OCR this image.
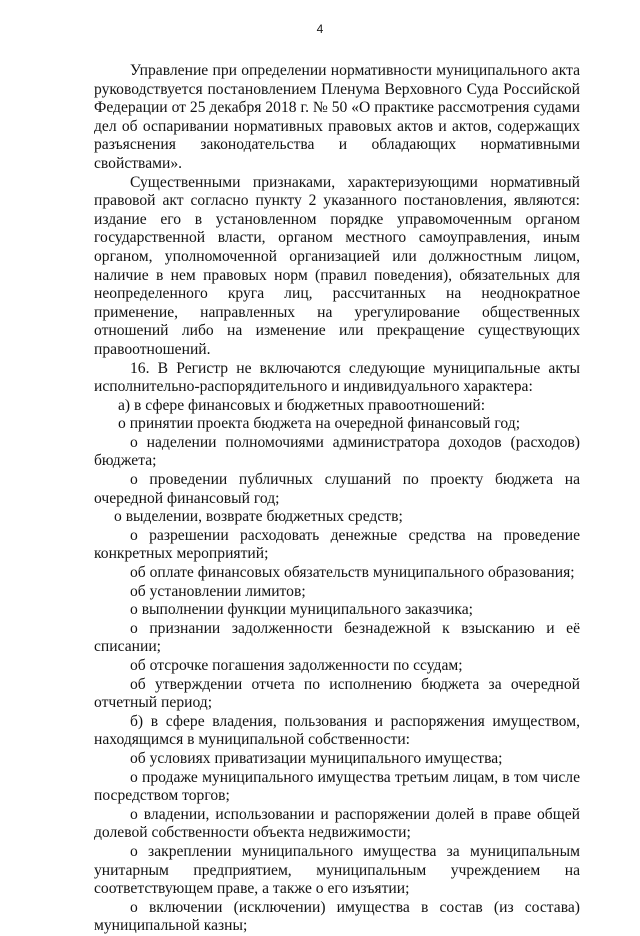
4

Управление при определении нормативности муниципального акта руководствуется постановлением Пленума Верховного Суда Российской Федерации от 25 декабря 2018 г. № 50 «О практике рассмотрения судами дел об оспаривании нормативных правовых актов и актов, содержащих разъяснения законодательства и обладающих нормативными свойствами».

Существенными признаками, характеризующими нормативный правовой акт согласно пункту 2 указанного постановления, являются: издание его в установленном порядке управомоченным органом государственной власти, органом местного самоуправления, иным органом, уполномоченной организацией или должностным лицом, наличие в нем правовых норм (правил поведения), обязательных для неопределенного круга лиц, рассчитанных на неоднократное применение, направленных на урегулирование общественных отношений либо на изменение или прекращение существующих правоотношений.

16. В Регистр не включаются следующие муниципальные акты исполнительно-распорядительного и индивидуального характера:

а) в сфере финансовых и бюджетных правоотношений:

о принятии проекта бюджета на очередной финансовый год;

о наделении полномочиями администратора доходов (расходов) бюджета;

о проведении публичных слушаний по проекту бюджета на очередной финансовый год;

о выделении, возврате бюджетных средств;

о разрешении расходовать денежные средства на проведение конкретных мероприятий;

об оплате финансовых обязательств муниципального образования;

об установлении лимитов;

о выполнении функции муниципального заказчика;

о признании задолженности безнадежной к взысканию и её списании;

об отсрочке погашения задолженности по ссудам;

об утверждении отчета по исполнению бюджета за очередной отчетный период;

б) в сфере владения, пользования и распоряжения имуществом, находящимся в муниципальной собственности:

об условиях приватизации муниципального имущества;

о продаже муниципального имущества третьим лицам, в том числе посредством торгов;

о владении, использовании и распоряжении долей в праве общей долевой собственности объекта недвижимости;

о закреплении муниципального имущества за муниципальным унитарным предприятием, муниципальным учреждением на соответствующем праве, а также о его изъятии;

о включении (исключении) имущества в состав (из состава) муниципальной казны;
